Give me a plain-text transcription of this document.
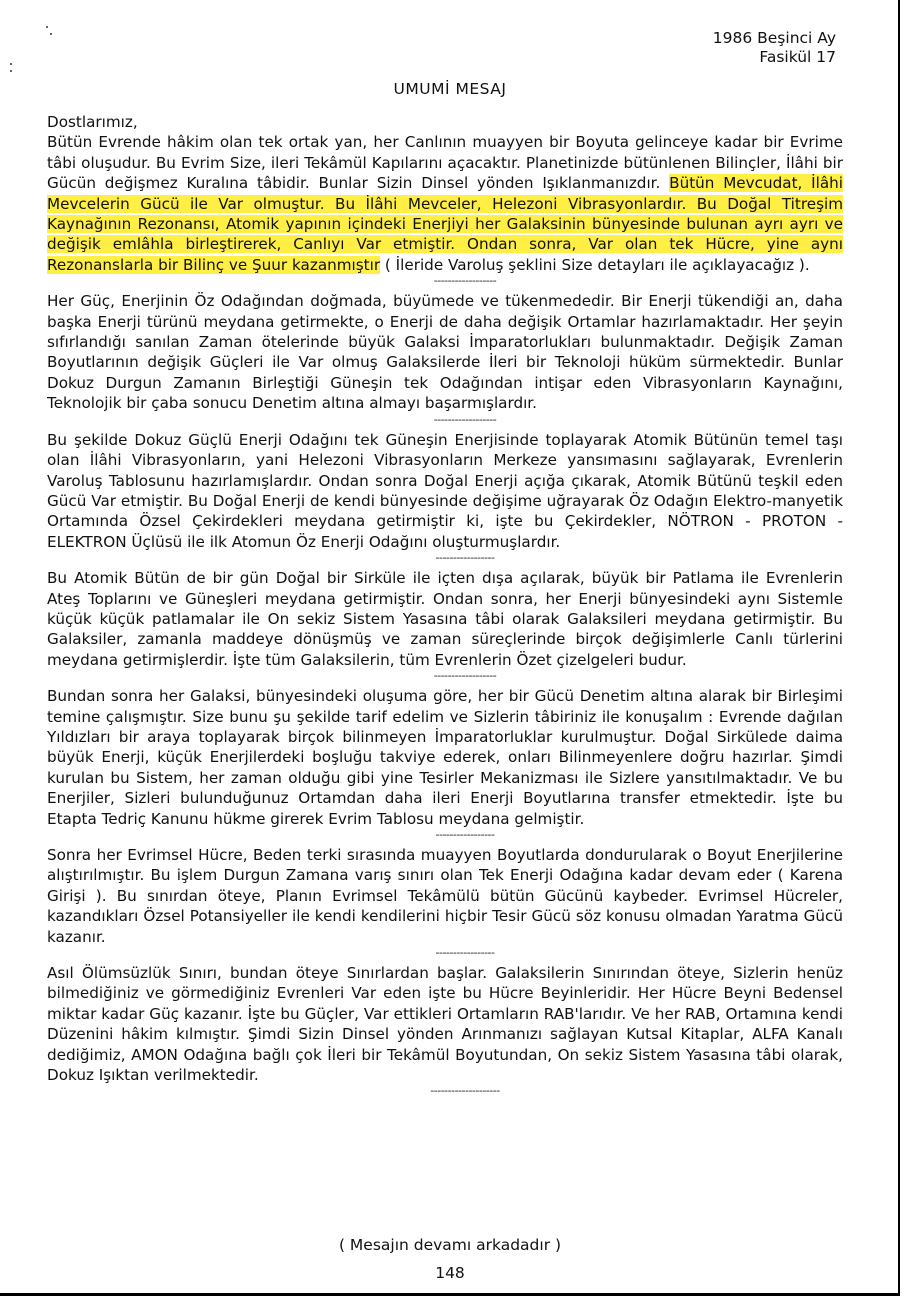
1986 Beşinci Ay
Fasikül 17
UMUMİ MESAJ

Dostlarımız,

Bütün Evrende hâkim olan tek ortak yan, her Canlının muayyen bir Boyuta gelinceye kadar bir Evrime tâbi oluşudur. Bu Evrim Size, ileri Tekâmül Kapılarını açacaktır. Planetinizde bütünlenen Bilinçler, İlâhi bir Gücün değişmez Kuralına tâbidir. Bunlar Sizin Dinsel yönden Işıklanmanızdır. Bütün Mevcudat, İlâhi Mevcelerin Gücü ile Var olmuştur. Bu İlâhi Mevceler, Helezoni Vibrasyonlardır. Bu Doğal Titreşim Kaynağının Rezonansı, Atomik yapının içindeki Enerjiyi her Galaksinin bünyesinde bulunan ayrı ayrı ve değişik emlâhla birleştirerek, Canlıyı Var etmiştir. Ondan sonra, Var olan tek Hücre, yine aynı Rezonanslarla bir Bilinç ve Şuur kazanmıştır ( İleride Varoluş şeklini Size detayları ile açıklayacağız ).

------------------

Her Güç, Enerjinin Öz Odağından doğmada, büyümede ve tükenmededir. Bir Enerji tükendiği an, daha başka Enerji türünü meydana getirmekte, o Enerji de daha değişik Ortamlar hazırlamaktadır. Her şeyin sıfırlandığı sanılan Zaman ötelerinde büyük Galaksi İmparatorlukları bulunmaktadır. Değişik Zaman Boyutlarının değişik Güçleri ile Var olmuş Galaksilerde İleri bir Teknoloji hüküm sürmektedir. Bunlar Dokuz Durgun Zamanın Birleştiği Güneşin tek Odağından intişar eden Vibrasyonların Kaynağını, Teknolojik bir çaba sonucu Denetim altına almayı başarmışlardır.

------------------

Bu şekilde Dokuz Güçlü Enerji Odağını tek Güneşin Enerjisinde toplayarak Atomik Bütünün temel taşı olan İlâhi Vibrasyonların, yani Helezoni Vibrasyonların Merkeze yansımasını sağlayarak, Evrenlerin Varoluş Tablosunu hazırlamışlardır. Ondan sonra Doğal Enerji açığa çıkarak, Atomik Bütünü teşkil eden Gücü Var etmiştir. Bu Doğal Enerji de kendi bünyesinde değişime uğrayarak Öz Odağın Elektro-manyetik Ortamında Özsel Çekirdekleri meydana getirmiştir ki, işte bu Çekirdekler, NÖTRON - PROTON - ELEKTRON Üçlüsü ile ilk Atomun Öz Enerji Odağını oluşturmuşlardır.

-----------------

Bu Atomik Bütün de bir gün Doğal bir Sirküle ile içten dışa açılarak, büyük bir Patlama ile Evrenlerin Ateş Toplarını ve Güneşleri meydana getirmiştir. Ondan sonra, her Enerji bünyesindeki aynı Sistemle küçük küçük patlamalar ile On sekiz Sistem Yasasına tâbi olarak Galaksileri meydana getirmiştir. Bu Galaksiler, zamanla maddeye dönüşmüş ve zaman süreçlerinde birçok değişimlerle Canlı türlerini meydana getirmişlerdir. İşte tüm Galaksilerin, tüm Evrenlerin Özet çizelgeleri budur.

------------------

Bundan sonra her Galaksi, bünyesindeki oluşuma göre, her bir Gücü Denetim altına alarak bir Birleşimi temine çalışmıştır. Size bunu şu şekilde tarif edelim ve Sizlerin tâbiriniz ile konuşalım : Evrende dağılan Yıldızları bir araya toplayarak birçok bilinmeyen İmparatorluklar kurulmuştur. Doğal Sirkülede daima büyük Enerji, küçük Enerjilerdeki boşluğu takviye ederek, onları Bilinmeyenlere doğru hazırlar. Şimdi kurulan bu Sistem, her zaman olduğu gibi yine Tesirler Mekanizması ile Sizlere yansıtılmaktadır. Ve bu Enerjiler, Sizleri bulunduğunuz Ortamdan daha ileri Enerji Boyutlarına transfer etmektedir. İşte bu Etapta Tedriç Kanunu hükme girerek Evrim Tablosu meydana gelmiştir.

-----------------

Sonra her Evrimsel Hücre, Beden terki sırasında muayyen Boyutlarda dondurularak o Boyut Enerjilerine alıştırılmıştır. Bu işlem Durgun Zamana varış sınırı olan Tek Enerji Odağına kadar devam eder ( Karena Girişi ). Bu sınırdan öteye, Planın Evrimsel Tekâmülü bütün Gücünü kaybeder. Evrimsel Hücreler, kazandıkları Özsel Potansiyeller ile kendi kendilerini hiçbir Tesir Gücü söz konusu olmadan Yaratma Gücü kazanır.

-----------------

Asıl Ölümsüzlük Sınırı, bundan öteye Sınırlardan başlar. Galaksilerin Sınırından öteye, Sizlerin henüz bilmediğiniz ve görmediğiniz Evrenleri Var eden işte bu Hücre Beyinleridir. Her Hücre Beyni Bedensel miktar kadar Güç kazanır. İşte bu Güçler, Var ettikleri Ortamların RAB'larıdır. Ve her RAB, Ortamına kendi Düzenini hâkim kılmıştır. Şimdi Sizin Dinsel yönden Arınmanızı sağlayan Kutsal Kitaplar, ALFA Kanalı dediğimiz, AMON Odağına bağlı çok İleri bir Tekâmül Boyutundan, On sekiz Sistem Yasasına tâbi olarak, Dokuz Işıktan verilmektedir.

--------------------
( Mesajın devamı arkadadır )
148
